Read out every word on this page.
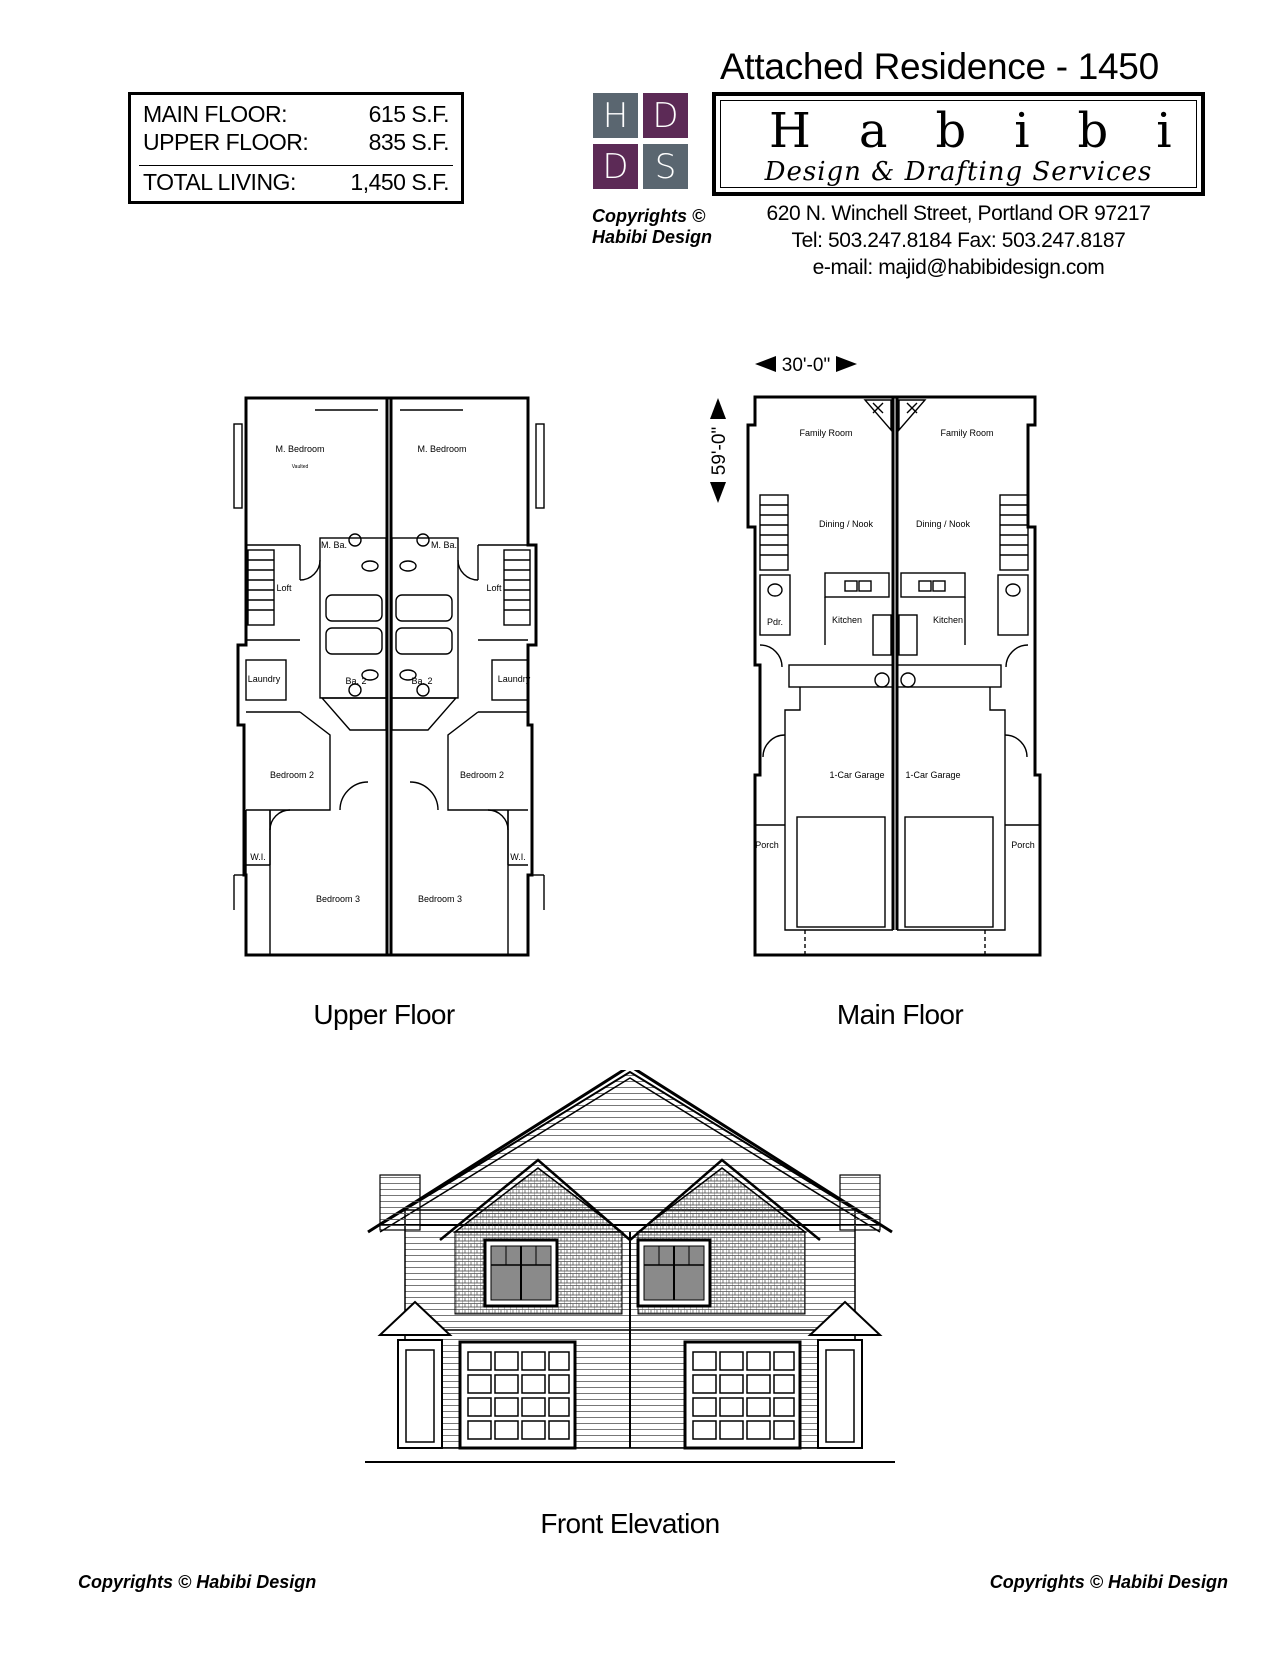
Attached Residence - 1450
MAIN FLOOR:	615 S.F.
UPPER FLOOR:	835 S.F.
TOTAL LIVING: 1,450 S.F.
H D
D S
Copyrights ©
Habibi Design
Habibi
Design & Drafting Services
620 N. Winchell Street, Portland OR 97217
Tel: 503.247.8184 Fax: 503.247.8187
e-mail: majid@habibidesign.com
M. Bedroom
Vaulted
M. Bedroom
M. Ba.	M. Ba.
Loft	Loft
Laundry	Laundry
Ba. 2	Ba. 2
Bedroom 2	Bedroom 2
W.I.	W.I.
Bedroom 3	Bedroom 3
Upper Floor
30'-0"
59'-0"	Family Room	Family Room
Dining / Nook	Dining / Nook
Kitchen	Kitchen
Pdr.
1-Car Garage 1-Car Garage
Porch	Porch
Main Floor
Front Elevation
Copyrights © Habibi Design	Copyrights © Habibi Design
